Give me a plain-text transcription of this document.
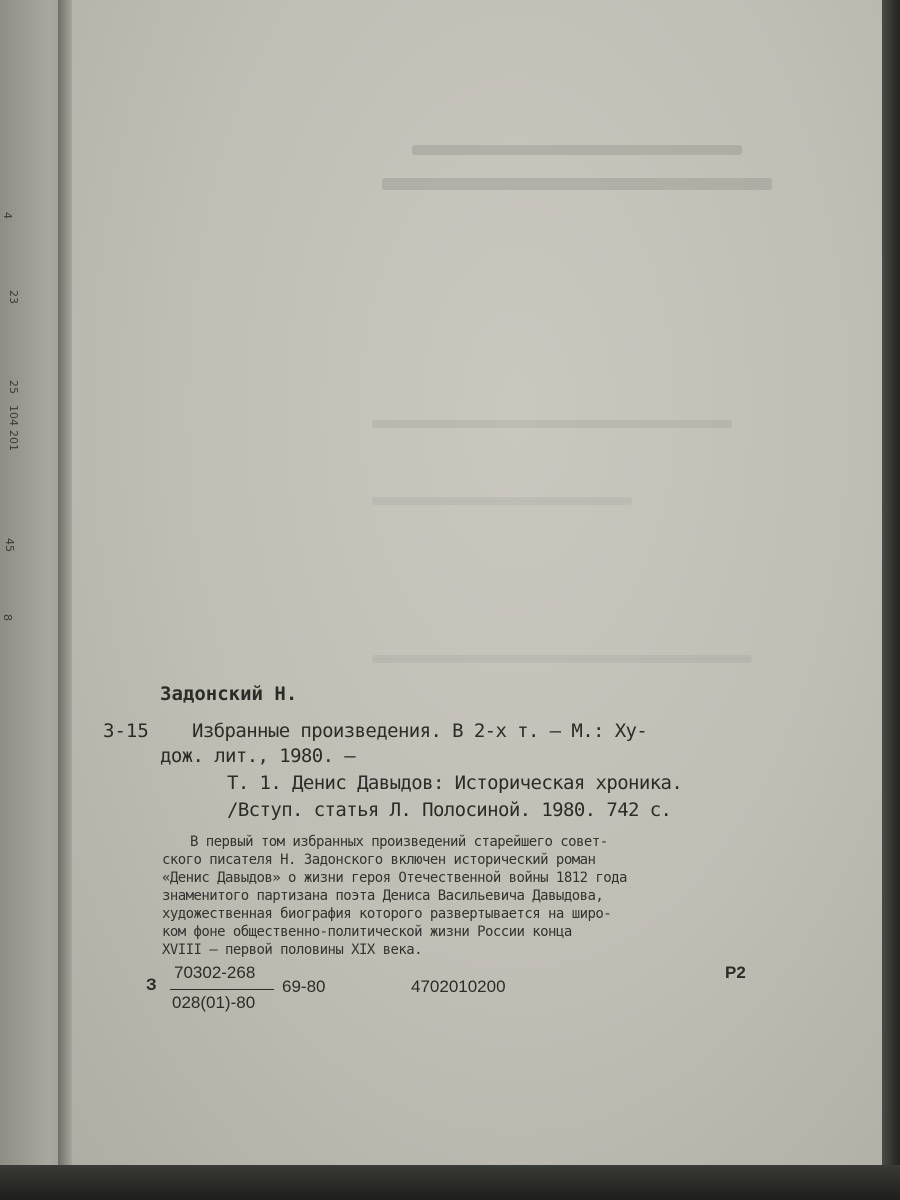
4
23
25
104
201
45
8
Задонский Н.
З-15 Избранные произведения. В 2-х т. — М.: Ху-
дож. лит., 1980. —
Т. 1. Денис Давыдов: Историческая хроника.
/Вступ. статья Л. Полосиной. 1980. 742 с.
В первый том избранных произведений старейшего совет-
ского писателя Н. Задонского включен исторический роман
«Денис Давыдов» о жизни героя Отечественной войны 1812 года
знаменитого партизана поэта Дениса Васильевича Давыдова,
художественная биография которого развертывается на широ-
ком фоне общественно-политической жизни России конца
XVIII — первой половины XIX века.
З
70302-268
028(01)-80
69-80	4702010200
Р2
